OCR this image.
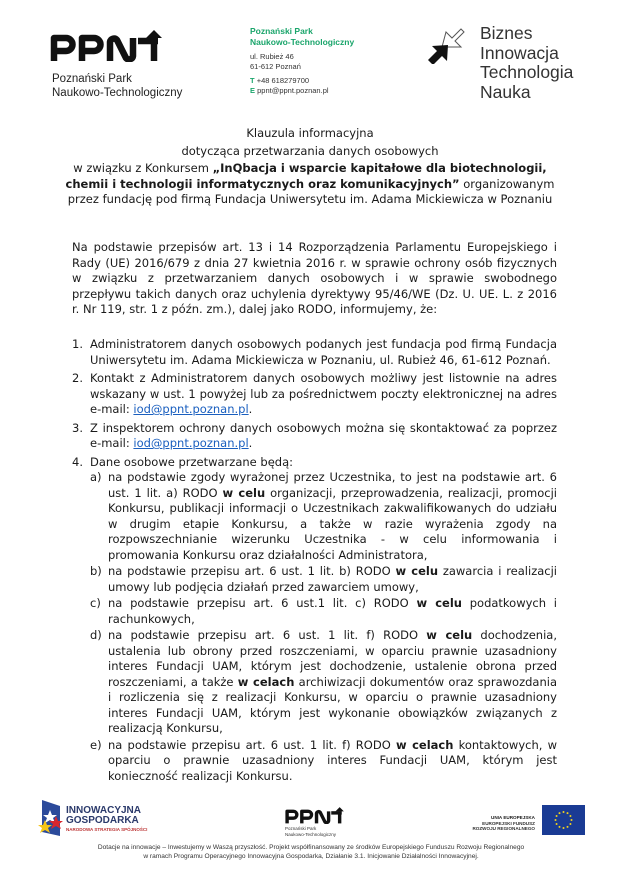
Poznański Park
Naukowo-Technologiczny
Poznański Park
Naukowo-Technologiczny
ul. Rubież 46
61-612 Poznań
T +48 618279700
E ppnt@ppnt.poznan.pl
Biznes
Innowacja
Technologia
Nauka
Klauzula informacyjna
dotycząca przetwarzania danych osobowych
w związku z Konkursem „InQbacja i wsparcie kapitałowe dla biotechnologii, chemii i technologii informatycznych oraz komunikacyjnych” organizowanym przez fundację pod firmą Fundacja Uniwersytetu im. Adama Mickiewicza w Poznaniu
Na podstawie przepisów art. 13 i 14 Rozporządzenia Parlamentu Europejskiego i Rady (UE) 2016/679 z dnia 27 kwietnia 2016 r. w sprawie ochrony osób fizycznych w związku z przetwarzaniem danych osobowych i w sprawie swobodnego przepływu takich danych oraz uchylenia dyrektywy 95/46/WE (Dz. U. UE. L. z 2016 r. Nr 119, str. 1 z późn. zm.), dalej jako RODO, informujemy, że:
1. Administratorem danych osobowych podanych jest fundacja pod firmą Fundacja Uniwersytetu im. Adama Mickiewicza w Poznaniu, ul. Rubież 46, 61-612 Poznań.
2. Kontakt z Administratorem danych osobowych możliwy jest listownie na adres wskazany w ust. 1 powyżej lub za pośrednictwem poczty elektronicznej na adres e-mail: iod@ppnt.poznan.pl.
3. Z inspektorem ochrony danych osobowych można się skontaktować za poprzez e-mail: iod@ppnt.poznan.pl.
4. Dane osobowe przetwarzane będą:
a) na podstawie zgody wyrażonej przez Uczestnika, to jest na podstawie art. 6 ust. 1 lit. a) RODO w celu organizacji, przeprowadzenia, realizacji, promocji Konkursu, publikacji informacji o Uczestnikach zakwalifikowanych do udziału w drugim etapie Konkursu, a także w razie wyrażenia zgody na rozpowszechnianie wizerunku Uczestnika - w celu informowania i promowania Konkursu oraz działalności Administratora,
b) na podstawie przepisu art. 6 ust. 1 lit. b) RODO w celu zawarcia i realizacji umowy lub podjęcia działań przed zawarciem umowy,
c) na podstawie przepisu art. 6 ust.1 lit. c) RODO w celu podatkowych i rachunkowych,
d) na podstawie przepisu art. 6 ust. 1 lit. f) RODO w celu dochodzenia, ustalenia lub obrony przed roszczeniami, w oparciu prawnie uzasadniony interes Fundacji UAM, którym jest dochodzenie, ustalenie obrona przed roszczeniami, a także w celach archiwizacji dokumentów oraz sprawozdania i rozliczenia się z realizacji Konkursu, w oparciu o prawnie uzasadniony interes Fundacji UAM, którym jest wykonanie obowiązków związanych z realizacją Konkursu,
e) na podstawie przepisu art. 6 ust. 1 lit. f) RODO w celach kontaktowych, w oparciu o prawnie uzasadniony interes Fundacji UAM, którym jest konieczność realizacji Konkursu.
INNOWACYJNA
GOSPODARKA
NARODOWA STRATEGIA SPÓJNOŚCI	Poznański Park
Naukowo-Technologiczny
UNIA EUROPEJSKA
EUROPEJSKI FUNDUSZ
ROZWOJU REGIONALNEGO
Dotacje na innowacje – Inwestujemy w Waszą przyszłość. Projekt współfinansowany ze środków Europejskiego Funduszu Rozwoju Regionalnego
w ramach Programu Operacyjnego Innowacyjna Gospodarka, Działanie 3.1. Inicjowanie Działalności Innowacyjnej.
